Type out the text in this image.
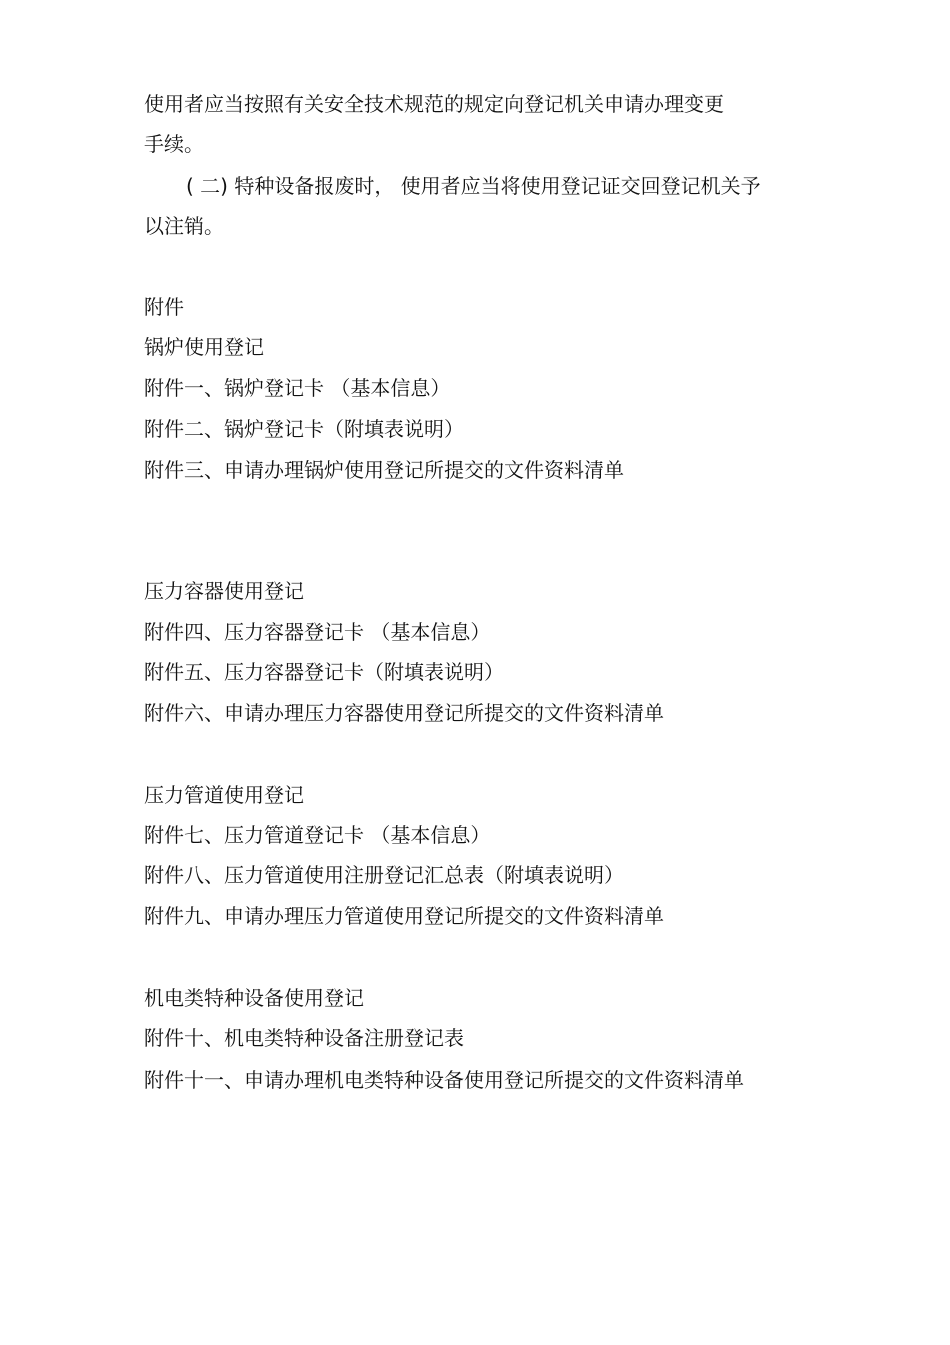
使用者应当按照有关安全技术规范的规定向登记机关申请办理变更
手续。
( 二) 特种设备报废时， 使用者应当将使用登记证交回登记机关予
以注销。
附件
锅炉使用登记
附件一、锅炉登记卡 （基本信息）
附件二、锅炉登记卡（附填表说明）
附件三、申请办理锅炉使用登记所提交的文件资料清单
压力容器使用登记
附件四、压力容器登记卡 （基本信息）
附件五、压力容器登记卡（附填表说明）
附件六、申请办理压力容器使用登记所提交的文件资料清单
压力管道使用登记
附件七、压力管道登记卡 （基本信息）
附件八、压力管道使用注册登记汇总表（附填表说明）
附件九、申请办理压力管道使用登记所提交的文件资料清单
机电类特种设备使用登记
附件十、机电类特种设备注册登记表
附件十一、申请办理机电类特种设备使用登记所提交的文件资料清单
